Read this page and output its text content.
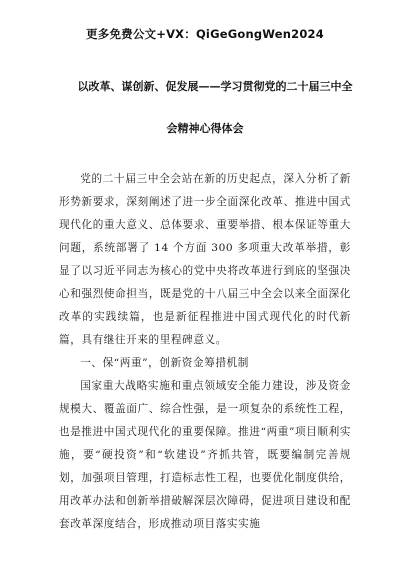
更多免费公文+VX：QiGeGongWen2024
以改革、谋创新、促发展——学习贯彻党的二十届三中全
会精神心得体会

党的二十届三中全会站在新的历史起点，深入分析了新形势新要求，深刻阐述了进一步全面深化改革、推进中国式现代化的重大意义、总体要求、重要举措、根本保证等重大问题，系统部署了 14 个方面 300 多项重大改革举措，彰显了以习近平同志为核心的党中央将改革进行到底的坚强决心和强烈使命担当，既是党的十八届三中全会以来全面深化改革的实践续篇，也是新征程推进中国式现代化的时代新篇，具有继往开来的里程碑意义。

一、保“两重”，创新资金筹措机制

国家重大战略实施和重点领域安全能力建设，涉及资金规模大、覆盖面广、综合性强，是一项复杂的系统性工程，也是推进中国式现代化的重要保障。推进“两重”项目顺利实施，要“硬投资”和“软建设”齐抓共管，既要编制完善规划，加强项目管理，打造标志性工程，也要优化制度供给，用改革办法和创新举措破解深层次障碍，促进项目建设和配套改革深度结合，形成推动项目落实实施
